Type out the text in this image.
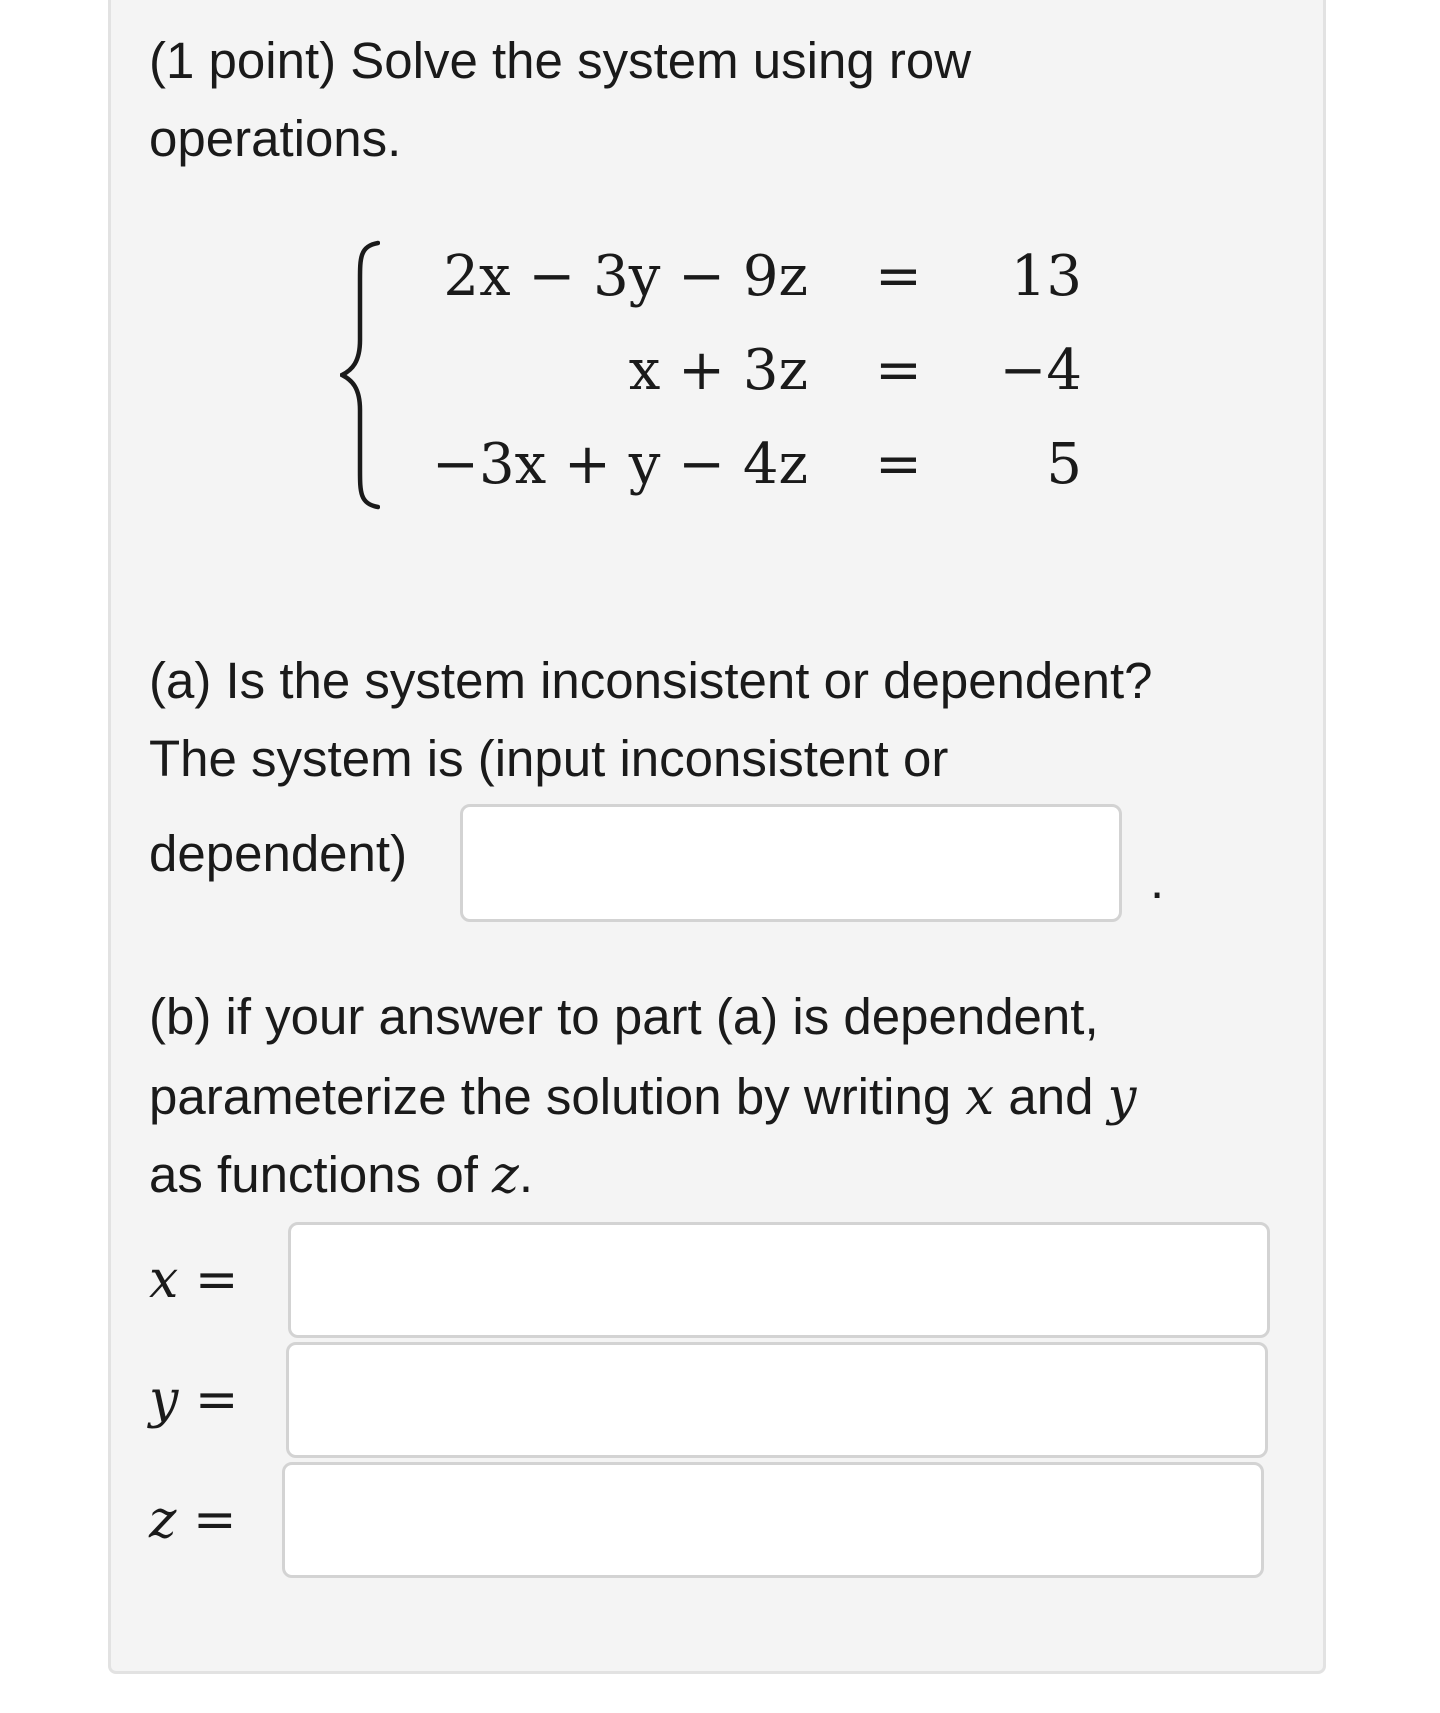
(1 point) Solve the system using row
operations.
2x − 3y − 9z = 13
x + 3z = −4
−3x + y − 4z = 5
(a) Is the system inconsistent or dependent?
The system is (input inconsistent or
dependent)	.
(b) if your answer to part (a) is dependent,
parameterize the solution by writing x and y
as functions of z.
x =
y =
z =
